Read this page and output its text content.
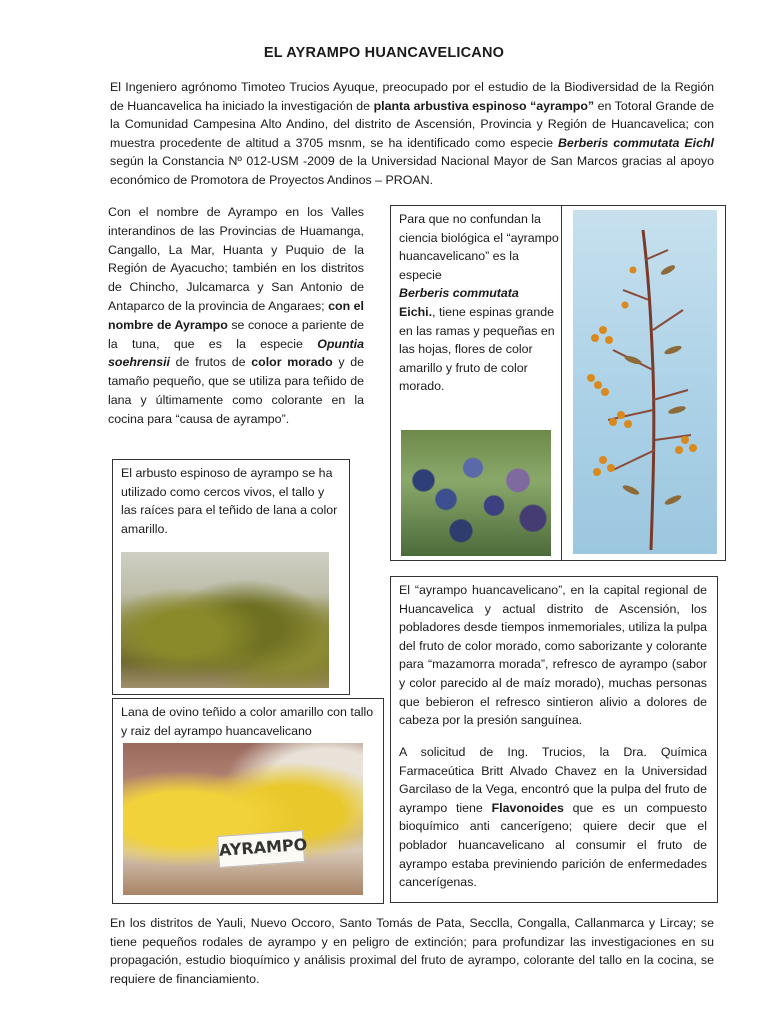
EL AYRAMPO HUANCAVELICANO
El Ingeniero agrónomo Timoteo Trucios Ayuque, preocupado por el estudio de la Biodiversidad de la Región de Huancavelica ha iniciado la investigación de planta arbustiva espinoso “ayrampo” en Totoral Grande de la Comunidad Campesina Alto Andino, del distrito de Ascensión, Provincia y Región de Huancavelica; con muestra procedente de altitud a 3705 msnm, se ha identificado como especie Berberis commutata Eichl según la Constancia Nº 012-USM -2009 de la Universidad Nacional Mayor de San Marcos gracias al apoyo económico de Promotora de Proyectos Andinos – PROAN.
Con el nombre de Ayrampo en los Valles interandinos de las Provincias de Huamanga, Cangallo, La Mar, Huanta y Puquio de la Región de Ayacucho; también en los distritos de Chincho, Julcamarca y San Antonio de Antaparco de la provincia de Angaraes; con el nombre de Ayrampo se conoce a pariente de la tuna, que es la especie Opuntia soehrensii de frutos de color morado y de tamaño pequeño, que se utiliza para teñido de lana y últimamente como colorante en la cocina para “causa de ayrampo”.
Para que no confundan la ciencia biológica el “ayrampo huancavelicano” es la especie
Berberis commutata
Eichi., tiene espinas grande en las ramas y pequeñas en las hojas, flores de color amarillo y fruto de color morado.
El arbusto espinoso de ayrampo se ha utilizado como cercos vivos, el tallo y las raíces para el teñido de lana a color amarillo.
El “ayrampo huancavelicano”, en la capital regional de Huancavelica y actual distrito de Ascensión, los pobladores desde tiempos inmemoriales, utiliza la pulpa del fruto de color morado, como saborizante y colorante para “mazamorra morada”, refresco de ayrampo (sabor y color parecido al de maíz morado), muchas personas que bebieron el refresco sintieron alivio a dolores de cabeza por la presión sanguínea.
A solicitud de Ing. Trucios, la Dra. Química Farmaceútica Britt Alvado Chavez en la Universidad Garcilaso de la Vega, encontró que la pulpa del fruto de ayrampo tiene Flavonoides que es un compuesto bioquímico anti cancerígeno; quiere decir que el poblador huancavelicano al consumir el fruto de ayrampo estaba previniendo parición de enfermedades cancerígenas.
Lana de ovino teñido a color amarillo con tallo y raiz del ayrampo huancavelicano
AYRAMPO
En los distritos de Yauli, Nuevo Occoro, Santo Tomás de Pata, Secclla, Congalla, Callanmarca y Lircay; se tiene pequeños rodales de ayrampo y en peligro de extinción; para profundizar las investigaciones en su propagación, estudio bioquímico y análisis proximal del fruto de ayrampo, colorante del tallo en la cocina, se requiere de financiamiento.
